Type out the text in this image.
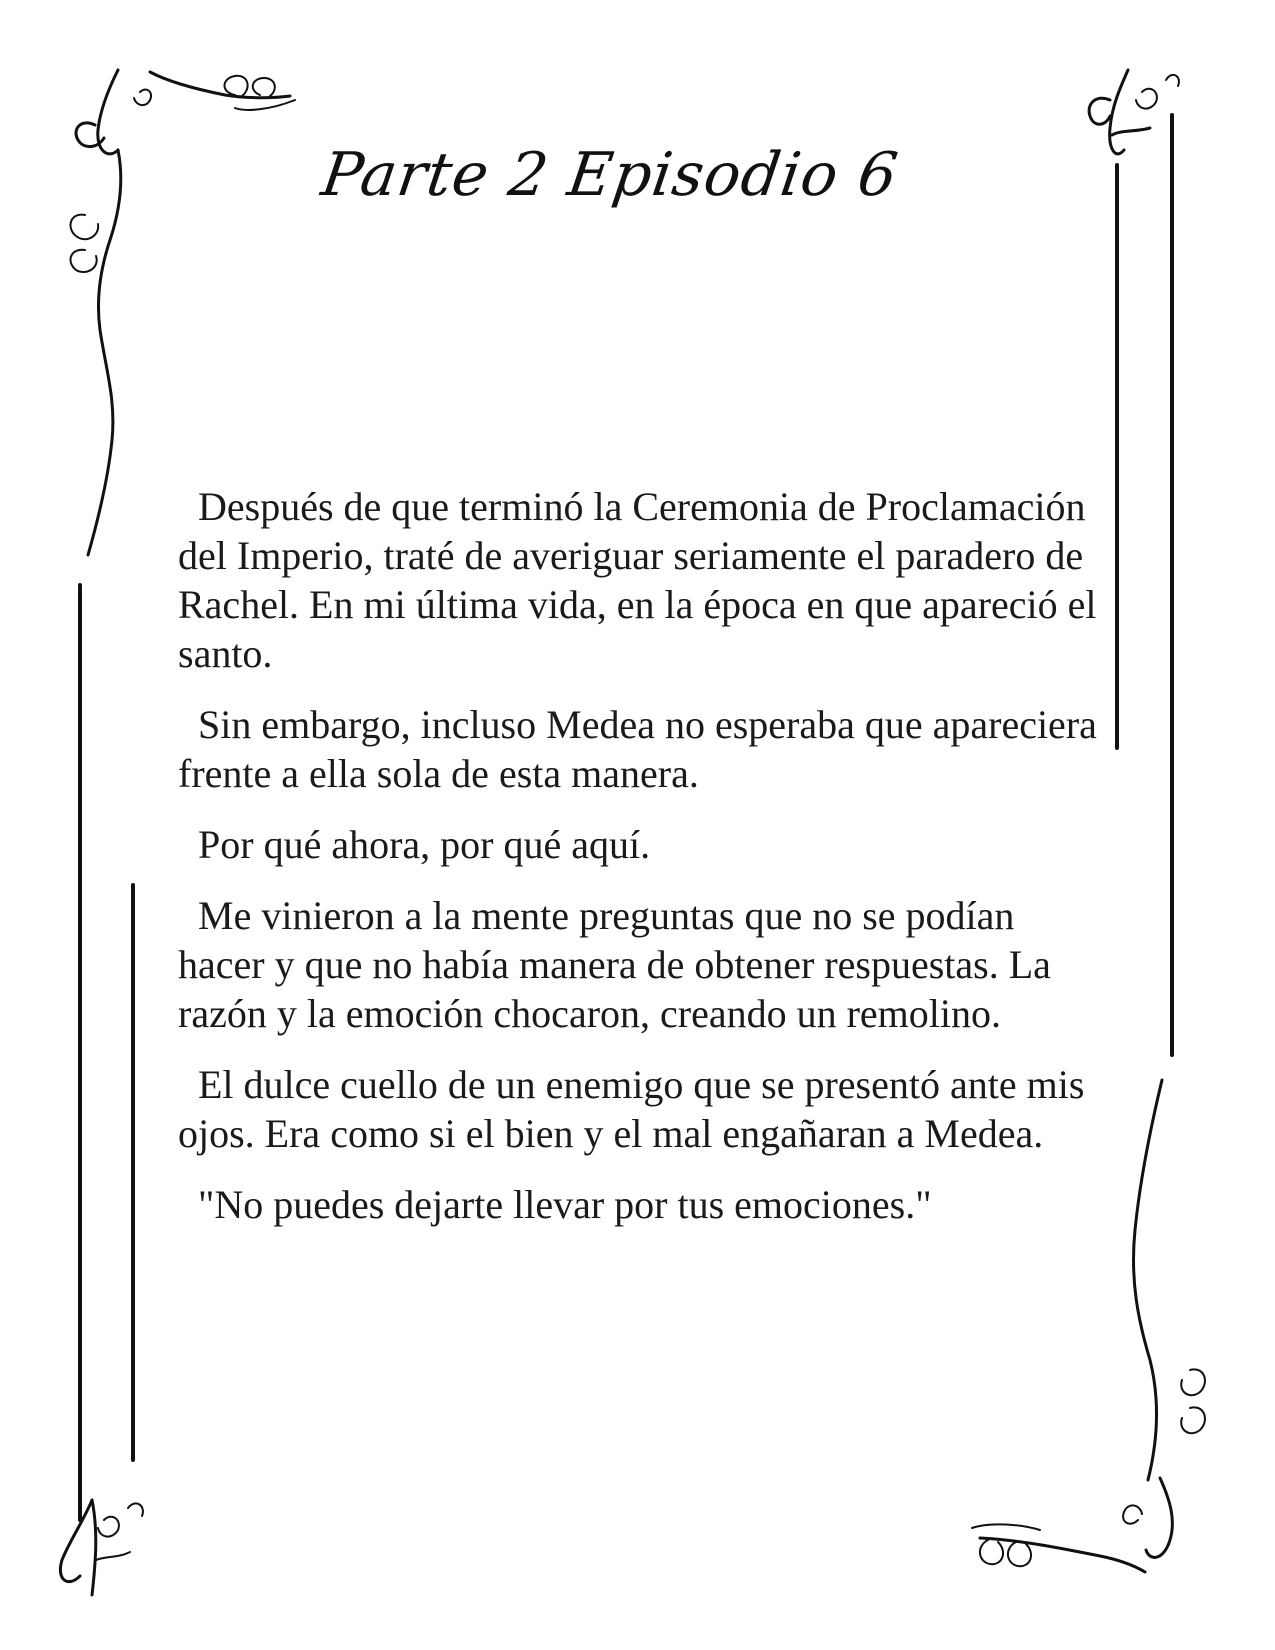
Parte 2 Episodio 6

Después de que terminó la Ceremonia de Proclamación del Imperio, traté de averiguar seriamente el paradero de Rachel. En mi última vida, en la época en que apareció el santo.

Sin embargo, incluso Medea no esperaba que apareciera frente a ella sola de esta manera.

Por qué ahora, por qué aquí.

Me vinieron a la mente preguntas que no se podían hacer y que no había manera de obtener respuestas. La razón y la emoción chocaron, creando un remolino.

El dulce cuello de un enemigo que se presentó ante mis ojos. Era como si el bien y el mal engañaran a Medea.

"No puedes dejarte llevar por tus emociones."
